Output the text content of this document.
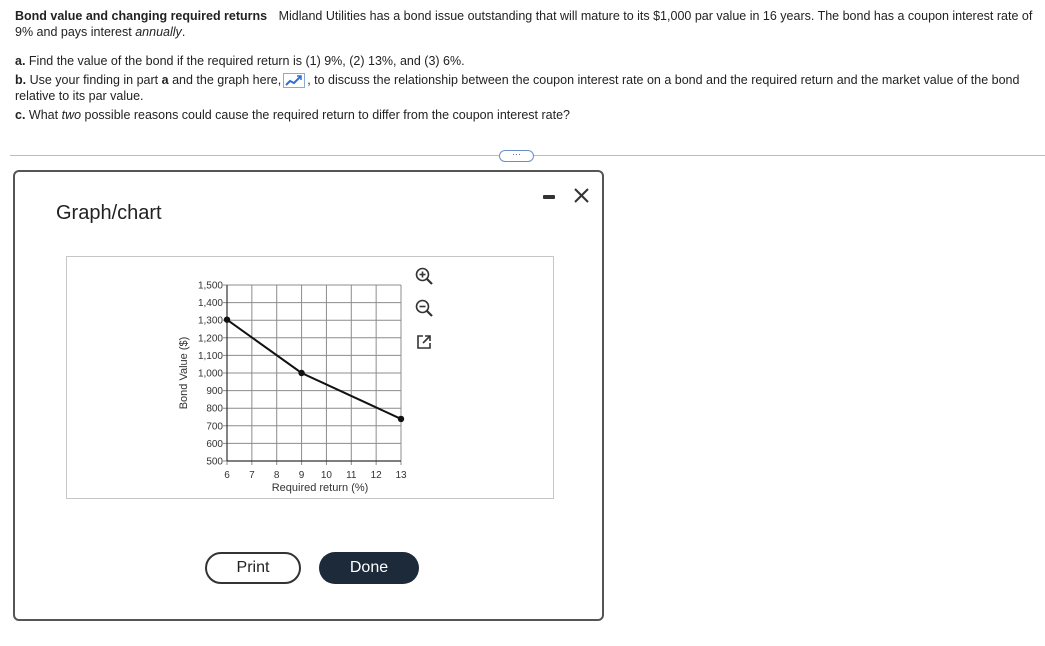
Bond value and changing required returns Midland Utilities has a bond issue outstanding that will mature to its $1,000 par value in 16 years. The bond has a coupon interest rate of 9% and pays interest annually.

a. Find the value of the bond if the required return is (1) 9%, (2) 13%, and (3) 6%.

b. Use your finding in part a and the graph here, , to discuss the relationship between the coupon interest rate on a bond and the required return and the market value of the bond relative to its par value.

c. What two possible reasons could cause the required return to differ from the coupon interest rate?

···
Graph/chart
6 7 8 9 10 11 12 13
500
600
700
800
900
1,000
1,100
1,200
1,300
1,400
1,500
Required return (%)
Bond Value ($)
Print	Done
